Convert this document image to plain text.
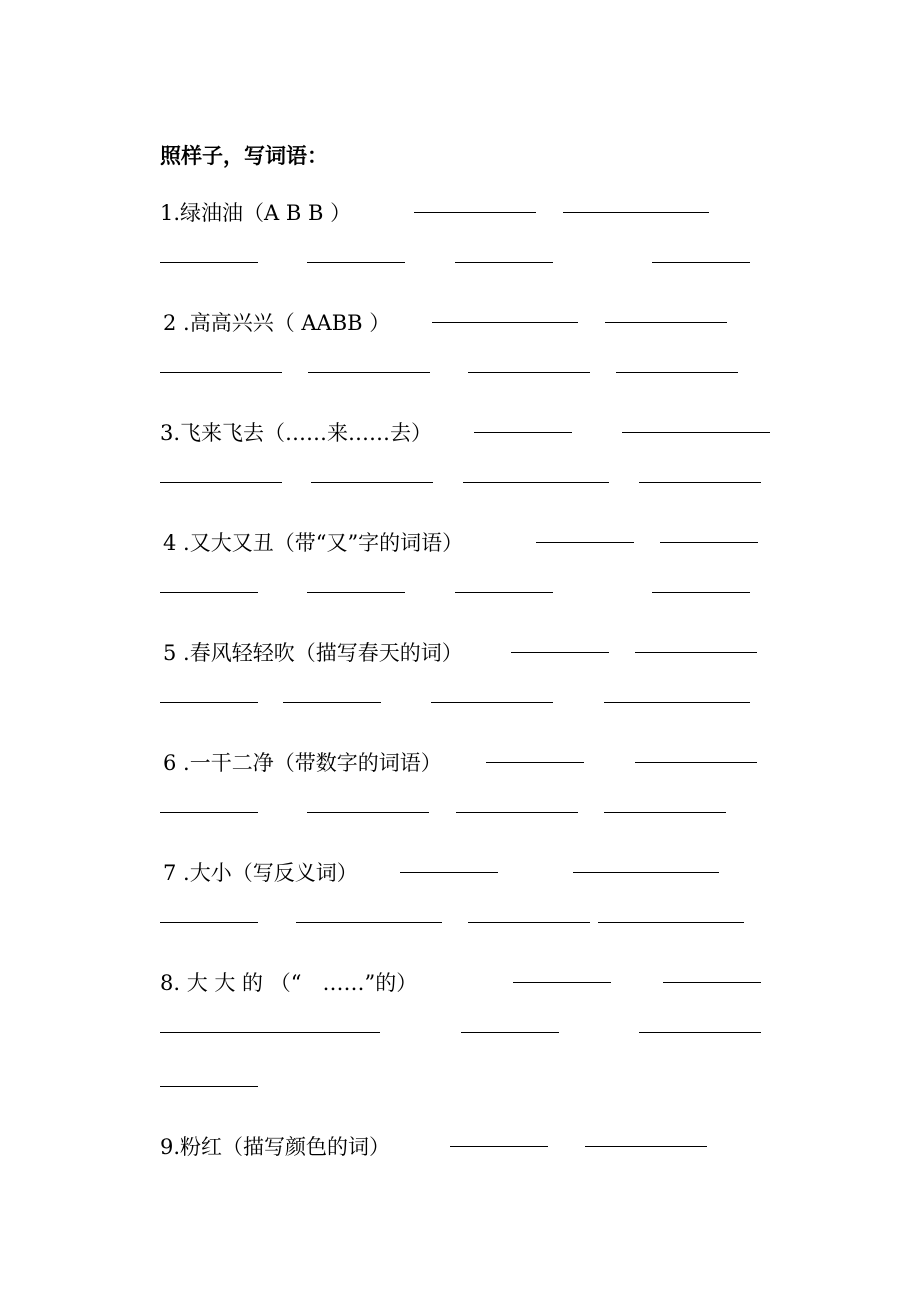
照样子，写词语：
1.绿油油（A B B ）
2 .高高兴兴（ AABB ）
3.飞来飞去（……来……去）
4 .又大又丑（带“又”字的词语）
5 .春风轻轻吹（描写春天的词）
6 .一干二净（带数字的词语）
7 .大小（写反义词）
8. 大 大 的 （“　……”的）
9.粉红（描写颜色的词）
